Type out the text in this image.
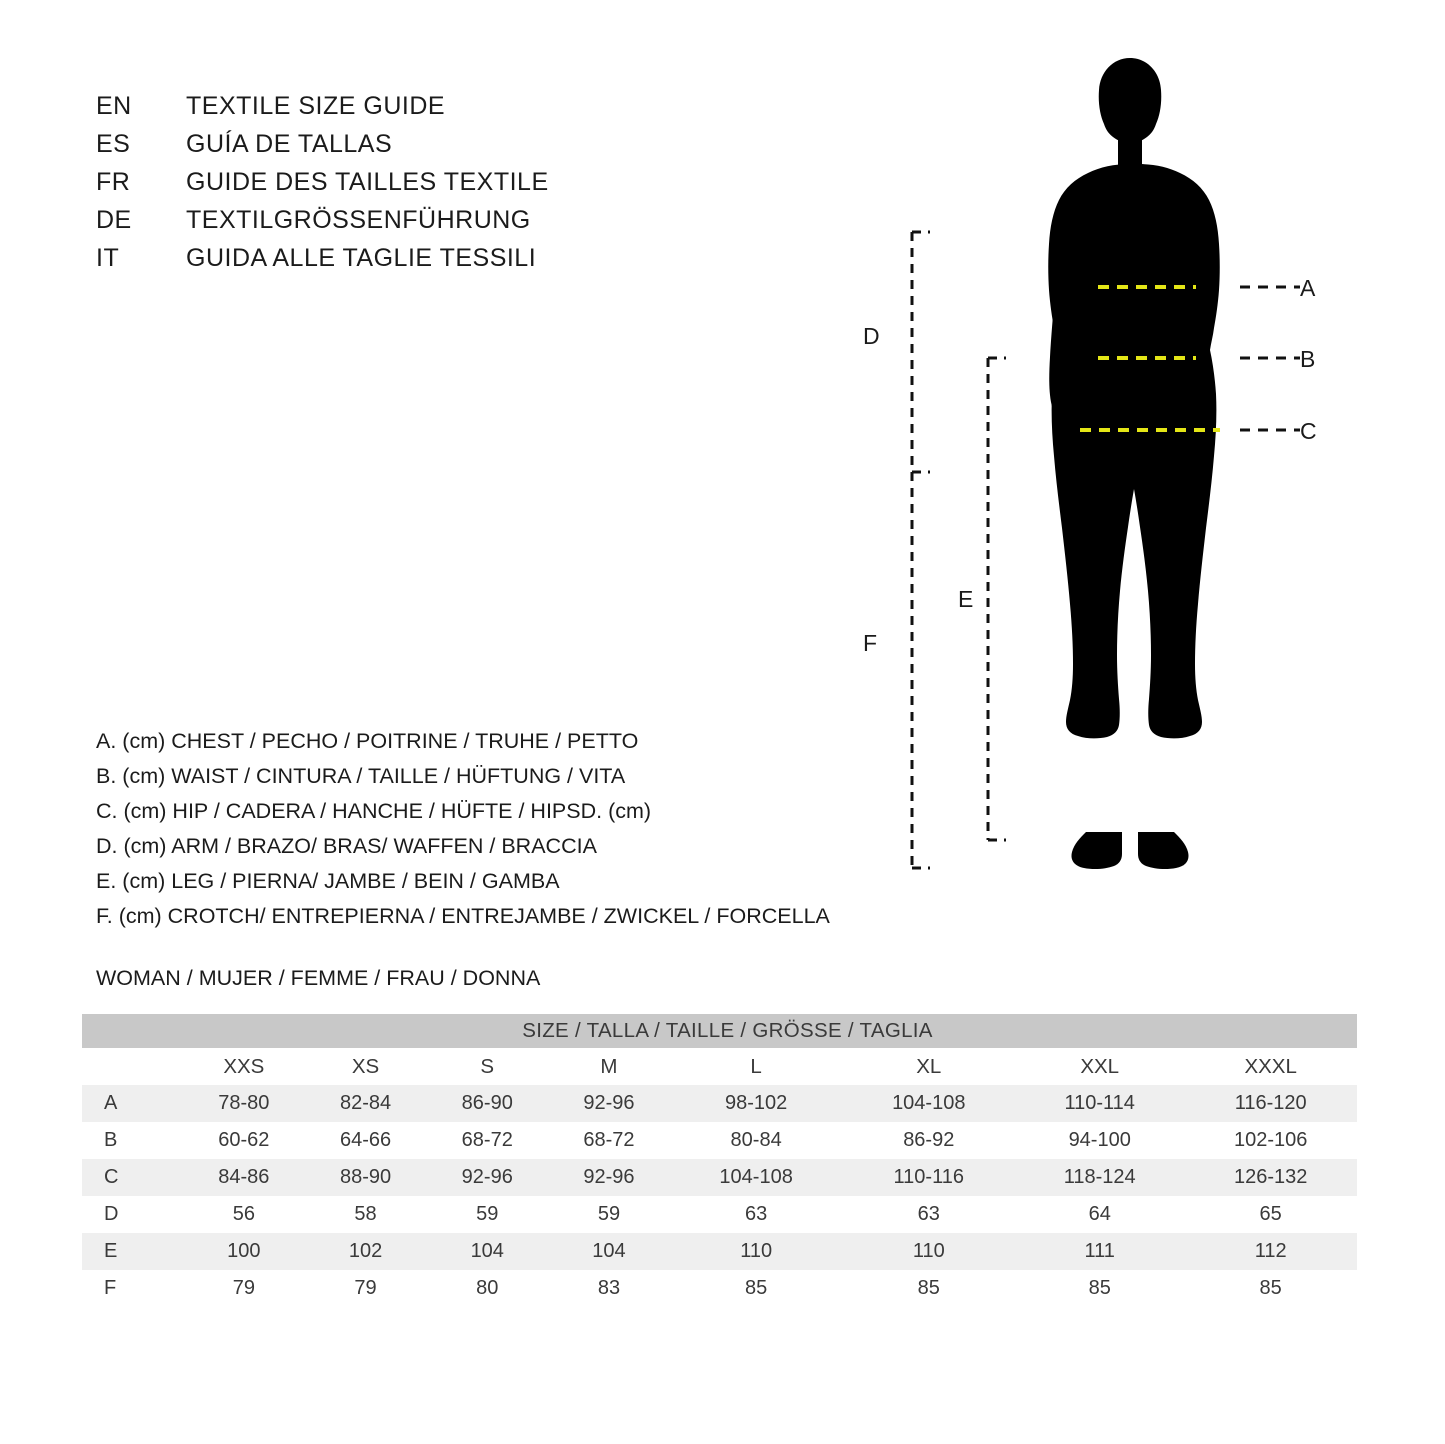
EN	TEXTILE SIZE GUIDE
ES	GUÍA DE TALLAS
FR	GUIDE DES TAILLES TEXTILE
DE	TEXTILGRÖSSENFÜHRUNG
IT	GUIDA ALLE TAGLIE TESSILI
A. (cm) CHEST / PECHO / POITRINE / TRUHE / PETTO
B. (cm) WAIST / CINTURA / TAILLE / HÜFTUNG / VITA
C. (cm) HIP / CADERA / HANCHE / HÜFTE / HIPSD. (cm)
D. (cm) ARM / BRAZO/ BRAS/ WAFFEN / BRACCIA
E. (cm) LEG / PIERNA/ JAMBE / BEIN / GAMBA
F. (cm) CROTCH/ ENTREPIERNA / ENTREJAMBE / ZWICKEL / FORCELLA
WOMAN / MUJER / FEMME / FRAU / DONNA
SIZE / TALLA / TAILLE / GRÖSSE / TAGLIA								
	XXS	XS	S	M	L	XL	XXL	XXXL
A	78-80	82-84	86-90	92-96	98-102	104-108	110-114	116-120
B	60-62	64-66	68-72	68-72	80-84	86-92	94-100	102-106
C	84-86	88-90	92-96	92-96	104-108	110-116	118-124	126-132
D	56	58	59	59	63	63	64	65
E	100	102	104	104	110	110	111	112
F	79	79	80	83	85	85	85	85
A
B
C
D
E
F
